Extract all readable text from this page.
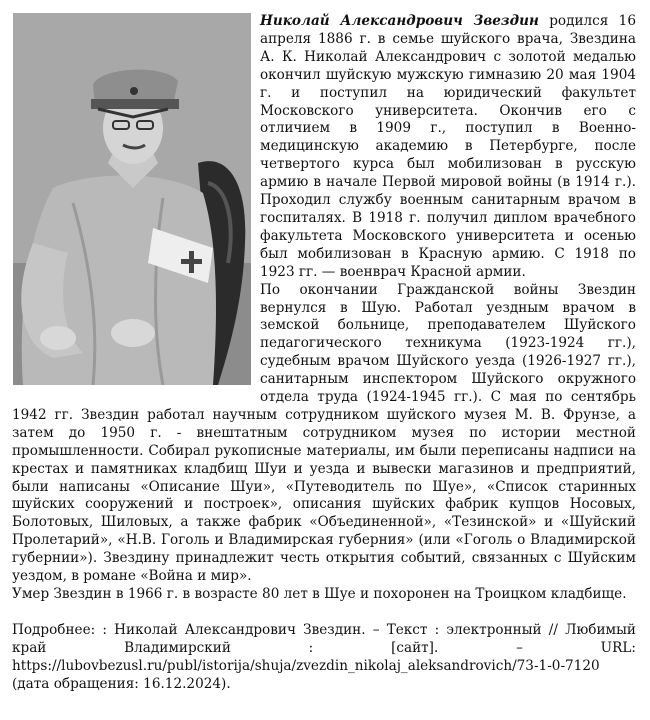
Николай Александрович Звездин родился 16 апреля 1886 г. в семье шуйского врача, Звездина А. К. Николай Александрович с золотой медалью окончил шуйскую мужскую гимназию 20 мая 1904 г. и поступил на юридический факультет Московского университета. Окончив его с отличием в 1909 г., поступил в Военно-медицинскую академию в Петербурге, после четвертого курса был мобилизован в русскую армию в начале Первой мировой войны (в 1914 г.). Проходил службу военным санитарным врачом в госпиталях. В 1918 г. получил диплом врачебного факультета Московского университета и осенью был мобилизован в Красную армию. С 1918 по 1923 гг. — военврач Красной армии.

По окончании Гражданской войны Звездин вернулся в Шую. Работал уездным врачом в земской больнице, преподавателем Шуйского педагогического техникума (1923-1924 гг.), судебным врачом Шуйского уезда (1926-1927 гг.), санитарным инспектором Шуйского окружного отдела труда (1924-1945 гг.). С мая по сентябрь 1942 гг. Звездин работал научным сотрудником шуйского музея М. В. Фрунзе, а затем до 1950 г. - внештатным сотрудником музея по истории местной промышленности. Собирал рукописные материалы, им были переписаны надписи на крестах и памятниках кладбищ Шуи и уезда и вывески магазинов и предприятий, были написаны «Описание Шуи», «Путеводитель по Шуе», «Список старинных шуйских сооружений и построек», описания шуйских фабрик купцов Носовых, Болотовых, Шиловых, а также фабрик «Объединенной», «Тезинской» и «Шуйский Пролетарий», «Н.В. Гоголь и Владимирская губерния» (или «Гоголь о Владимирской губернии»). Звездину принадлежит честь открытия событий, связанных с Шуйским уездом, в романе «Война и мир».

Умер Звездин в 1966 г. в возрасте 80 лет в Шуе и похоронен на Троицком кладбище.

Подробнее: : Николай Александрович Звездин. – Текст : электронный // Любимый край Владимирский : [сайт]. – URL: https://lubovbezusl.ru/publ/istorija/shuja/zvezdin_nikolaj_aleksandrovich/73-1-0-7120 (дата обращения: 16.12.2024).
